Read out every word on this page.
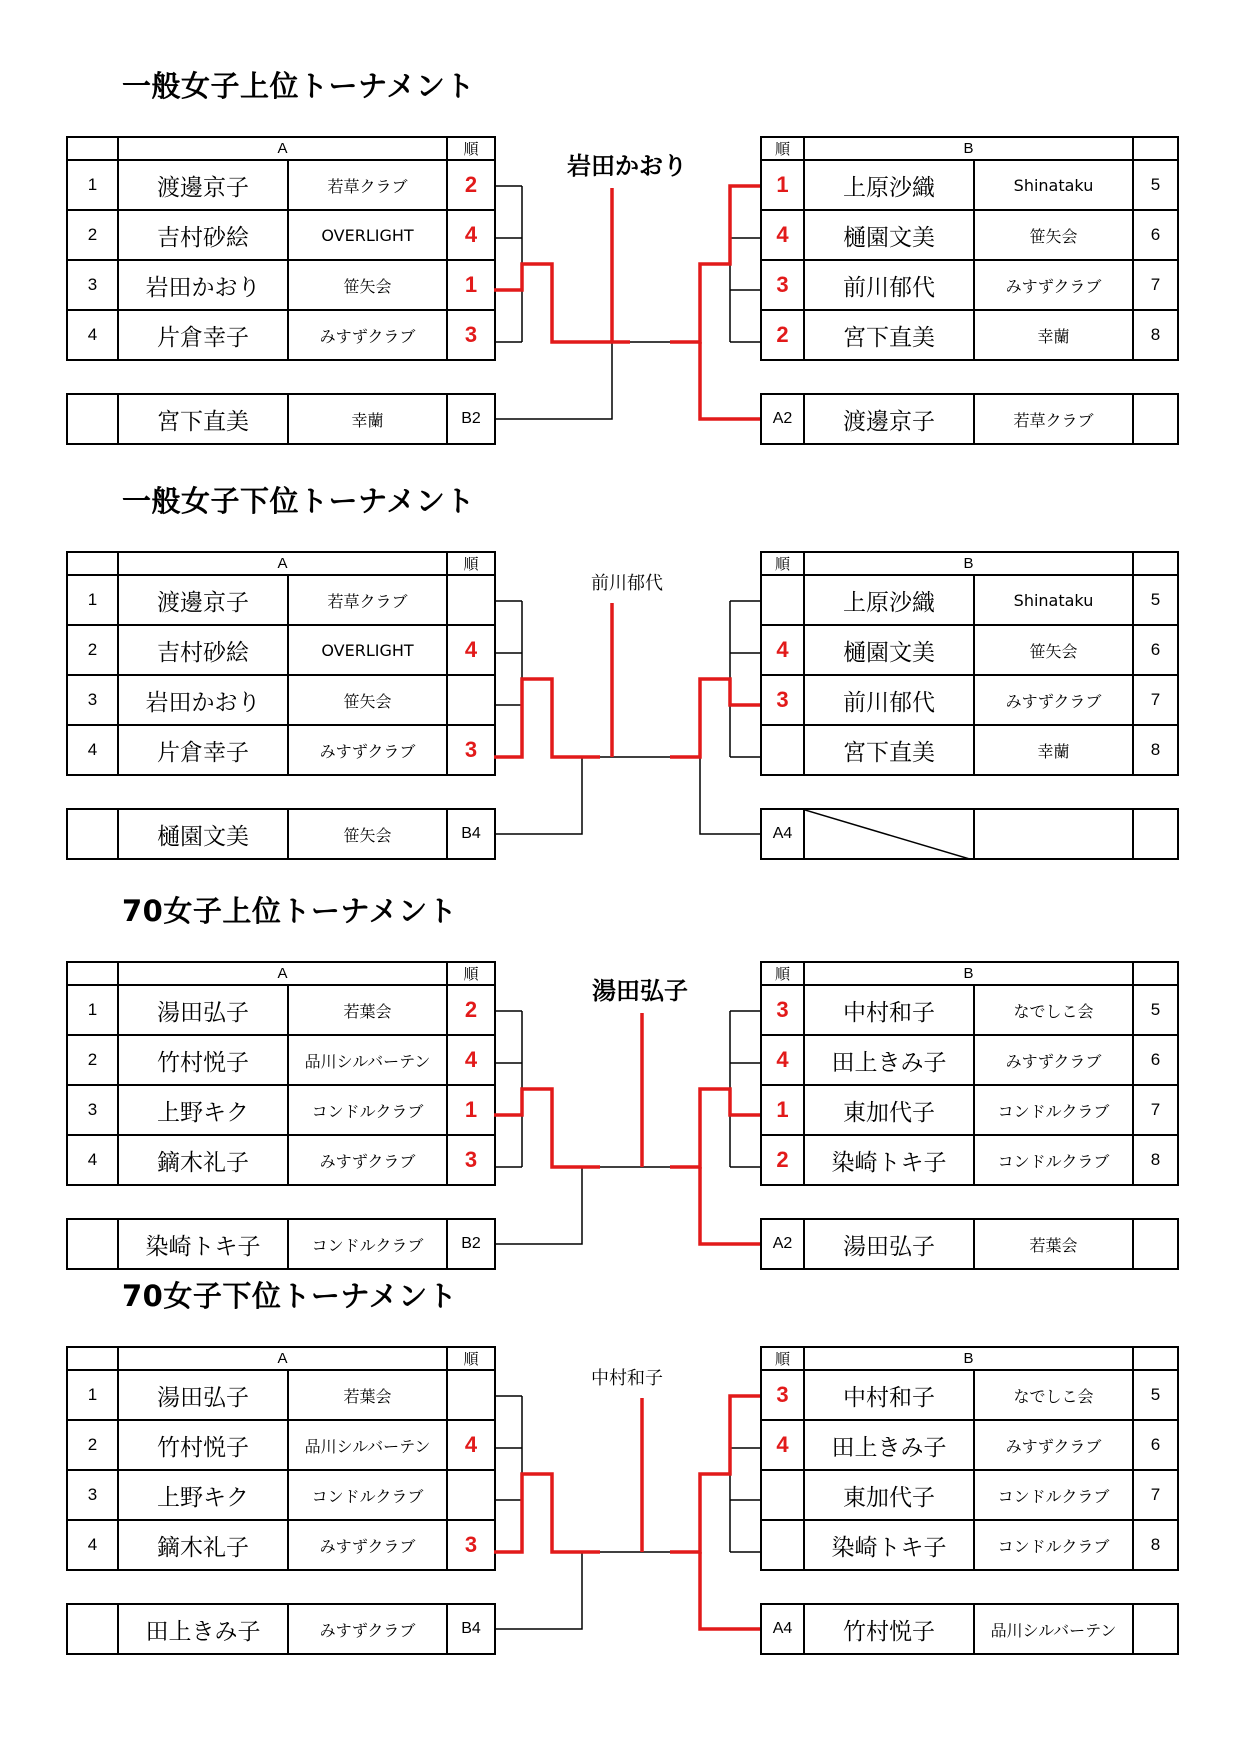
一般女子上位トーナメント
岩田かおり
	A		順
1	渡邊京子	若草クラブ	2
2	吉村砂絵	OVERLIGHT	4
3	岩田かおり	笹矢会	1
4	片倉幸子	みすずクラブ	3
順	B		
1	上原沙織	Shinataku	5
4	樋園文美	笹矢会	6
3	前川郁代	みすずクラブ	7
2	宮下直美	幸蘭	8
	宮下直美	幸蘭	B2	A2	渡邊京子	若草クラブ	
一般女子下位トーナメント
前川郁代
	A		順
1	渡邊京子	若草クラブ	
2	吉村砂絵	OVERLIGHT	4
3	岩田かおり	笹矢会	
4	片倉幸子	みすずクラブ	3
順	B		
	上原沙織	Shinataku	5
4	樋園文美	笹矢会	6
3	前川郁代	みすずクラブ	7
	宮下直美	幸蘭	8
	樋園文美	笹矢会	B4	A4	

70女子上位トーナメント
湯田弘子
	A		順
1	湯田弘子	若葉会	2
2	竹村悦子	品川シルバーテン	4
3	上野キク	コンドルクラブ	1
4	鏑木礼子	みすずクラブ	3
順	B		
3	中村和子	なでしこ会	5
4	田上きみ子	みすずクラブ	6
1	東加代子	コンドルクラブ	7
2	染崎トキ子	コンドルクラブ	8
	染崎トキ子	コンドルクラブ	B2	A2	湯田弘子	若葉会	
70女子下位トーナメント
中村和子
	A		順
1	湯田弘子	若葉会	
2	竹村悦子	品川シルバーテン	4
3	上野キク	コンドルクラブ	
4	鏑木礼子	みすずクラブ	3
順	B		
3	中村和子	なでしこ会	5
4	田上きみ子	みすずクラブ	6
	東加代子	コンドルクラブ	7
	染崎トキ子	コンドルクラブ	8
	田上きみ子	みすずクラブ	B4	A4	竹村悦子	品川シルバーテン	
